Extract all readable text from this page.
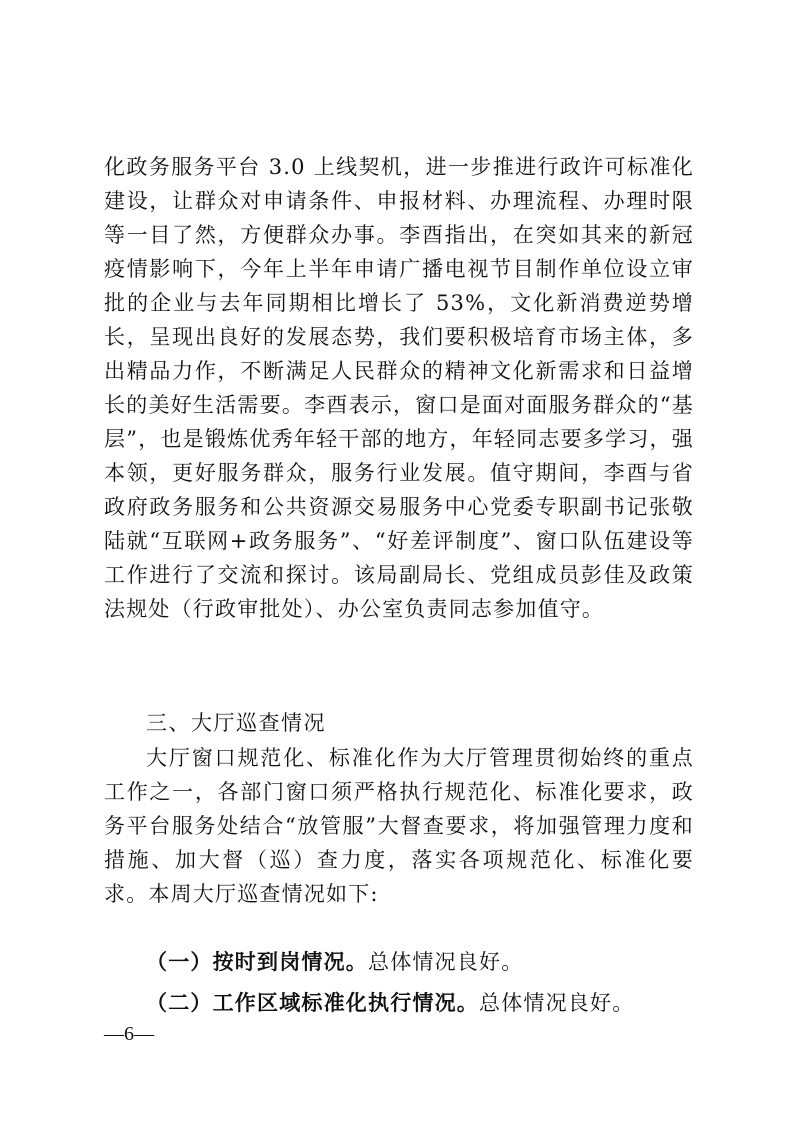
化政务服务平台 3.0 上线契机，进一步推进行政许可标准化建设，让群众对申请条件、申报材料、办理流程、办理时限等一目了然，方便群众办事。李酉指出，在突如其来的新冠疫情影响下，今年上半年申请广播电视节目制作单位设立审批的企业与去年同期相比增长了 53%，文化新消费逆势增长，呈现出良好的发展态势，我们要积极培育市场主体，多出精品力作，不断满足人民群众的精神文化新需求和日益增长的美好生活需要。李酉表示，窗口是面对面服务群众的“基层”，也是锻炼优秀年轻干部的地方，年轻同志要多学习，强本领，更好服务群众，服务行业发展。值守期间，李酉与省政府政务服务和公共资源交易服务中心党委专职副书记张敬陆就“互联网+政务服务”、“好差评制度”、窗口队伍建设等工作进行了交流和探讨。该局副局长、党组成员彭佳及政策法规处（行政审批处）、办公室负责同志参加值守。

三、大厅巡查情况

大厅窗口规范化、标准化作为大厅管理贯彻始终的重点工作之一，各部门窗口须严格执行规范化、标准化要求，政务平台服务处结合“放管服”大督查要求，将加强管理力度和措施、加大督（巡）查力度，落实各项规范化、标准化要求。本周大厅巡查情况如下:

（一）按时到岗情况。总体情况良好。

（二）工作区域标准化执行情况。总体情况良好。

—6—
